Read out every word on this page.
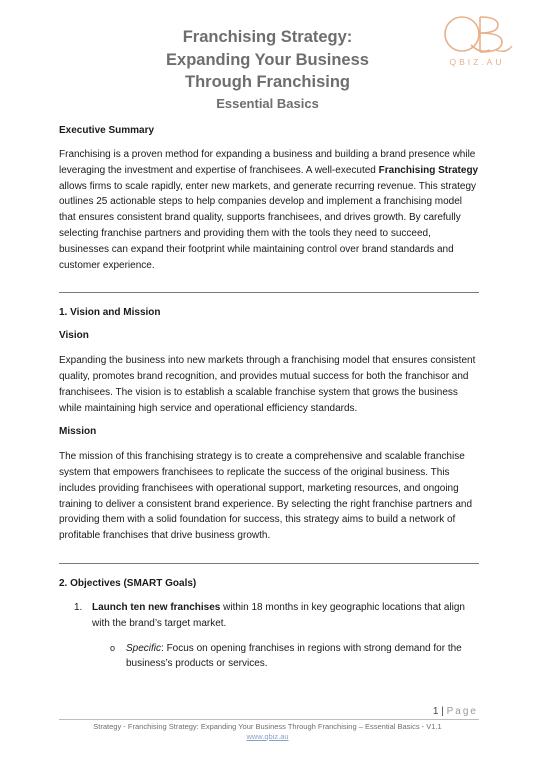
Franchising Strategy:
Expanding Your Business
Through Franchising
Essential Basics
QBIZ.AU
Executive Summary

Franchising is a proven method for expanding a business and building a brand presence while leveraging the investment and expertise of franchisees. A well-executed Franchising Strategy allows firms to scale rapidly, enter new markets, and generate recurring revenue. This strategy outlines 25 actionable steps to help companies develop and implement a franchising model that ensures consistent brand quality, supports franchisees, and drives growth. By carefully selecting franchise partners and providing them with the tools they need to succeed, businesses can expand their footprint while maintaining control over brand standards and customer experience.

1. Vision and Mission
Vision

Expanding the business into new markets through a franchising model that ensures consistent quality, promotes brand recognition, and provides mutual success for both the franchisor and franchisees. The vision is to establish a scalable franchise system that grows the business while maintaining high service and operational efficiency standards.

Mission

The mission of this franchising strategy is to create a comprehensive and scalable franchise system that empowers franchisees to replicate the success of the original business. This includes providing franchisees with operational support, marketing resources, and ongoing training to deliver a consistent brand experience. By selecting the right franchise partners and providing them with a solid foundation for success, this strategy aims to build a network of profitable franchises that drive business growth.

2. Objectives (SMART Goals)
1. Launch ten new franchises within 18 months in key geographic locations that align with the brand’s target market.
o Specific: Focus on opening franchises in regions with strong demand for the business’s products or services.
1 | Page
Strategy - Franchising Strategy: Expanding Your Business Through Franchising – Essential Basics - V1.1
www.qbiz.au
